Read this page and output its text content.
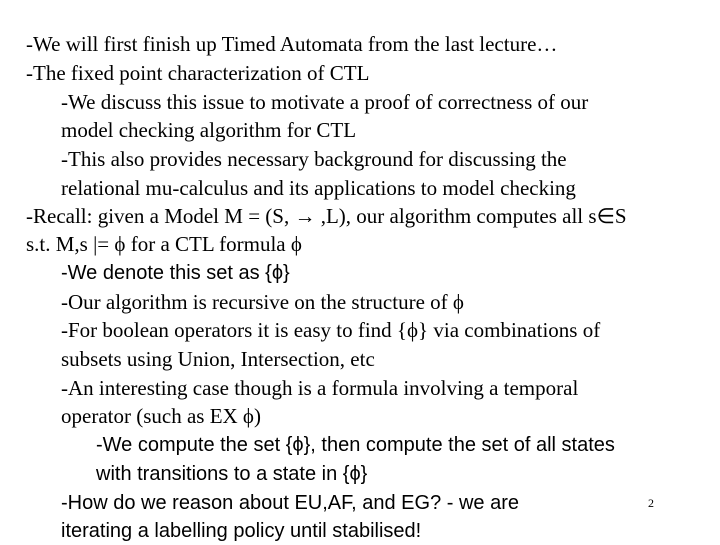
-We will first finish up Timed Automata from the last lecture…
-The fixed point characterization of CTL
-We discuss this issue to motivate a proof of correctness of our
model checking algorithm for CTL
-This also provides necessary background for discussing the
relational mu-calculus and its applications to model checking
-Recall: given a Model M = (S, → ,L), our algorithm computes all s∈S
s.t. M,s |= ϕ for a CTL formula ϕ
-We denote this set as {ϕ}
-Our algorithm is recursive on the structure of ϕ
-For boolean operators it is easy to find {ϕ} via combinations of
subsets using Union, Intersection, etc
-An interesting case though is a formula involving a temporal
operator (such as EX ϕ)
-We compute the set {ϕ}, then compute the set of all states
with transitions to a state in {ϕ}
-How do we reason about EU,AF, and EG? - we are
iterating a labelling policy until stabilised!
2
